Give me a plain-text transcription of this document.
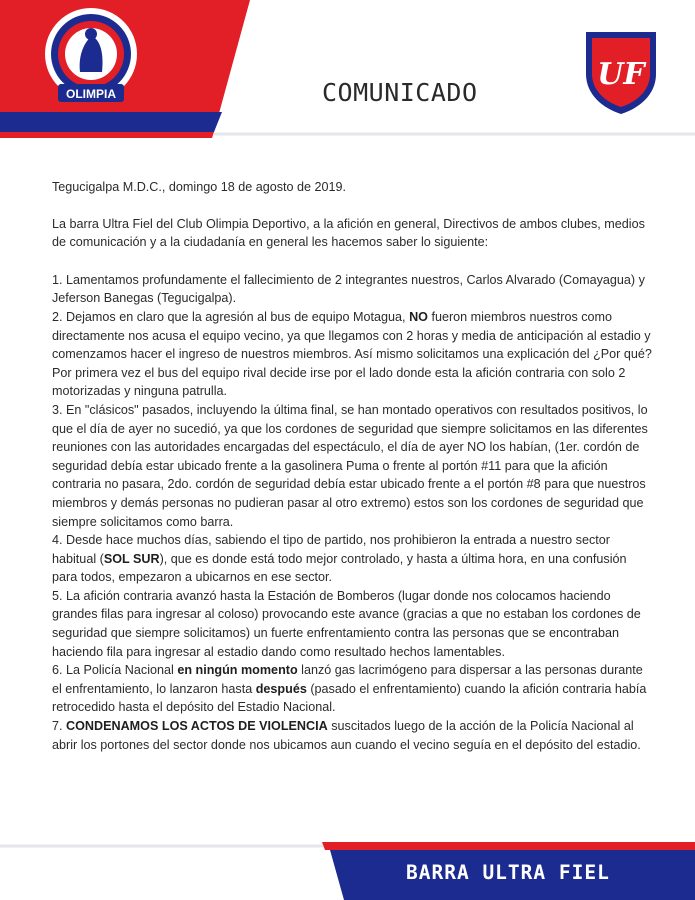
OLIMPIA	COMUNICADO
UF

Tegucigalpa M.D.C., domingo 18 de agosto de 2019.

La barra Ultra Fiel del Club Olimpia Deportivo, a la afición en general, Directivos de ambos clubes, medios de comunicación y a la ciudadanía en general les hacemos saber lo siguiente:

1. Lamentamos profundamente el fallecimiento de 2 integrantes nuestros, Carlos Alvarado (Comayagua) y Jeferson Banegas (Tegucigalpa).

2. Dejamos en claro que la agresión al bus de equipo Motagua, NO fueron miembros nuestros como directamente nos acusa el equipo vecino, ya que llegamos con 2 horas y media de anticipación al estadio y comenzamos hacer el ingreso de nuestros miembros. Así mismo solicitamos una explicación del ¿Por qué? Por primera vez el bus del equipo rival decide irse por el lado donde esta la afición contraria con solo 2 motorizadas y ninguna patrulla.

3. En "clásicos" pasados, incluyendo la última final, se han montado operativos con resultados positivos, lo que el día de ayer no sucedió, ya que los cordones de seguridad que siempre solicitamos en las diferentes reuniones con las autoridades encargadas del espectáculo, el día de ayer NO los habían, (1er. cordón de seguridad debía estar ubicado frente a la gasolinera Puma o frente al portón #11 para que la afición contraria no pasara, 2do. cordón de seguridad debía estar ubicado frente a el portón #8 para que nuestros miembros y demás personas no pudieran pasar al otro extremo) estos son los cordones de seguridad que siempre solicitamos como barra.

4. Desde hace muchos días, sabiendo el tipo de partido, nos prohibieron la entrada a nuestro sector habitual (SOL SUR), que es donde está todo mejor controlado, y hasta a última hora, en una confusión para todos, empezaron a ubicarnos en ese sector.

5. La afición contraria avanzó hasta la Estación de Bomberos (lugar donde nos colocamos haciendo grandes filas para ingresar al coloso) provocando este avance (gracias a que no estaban los cordones de seguridad que siempre solicitamos) un fuerte enfrentamiento contra las personas que se encontraban haciendo fila para ingresar al estadio dando como resultado hechos lamentables.

6. La Policía Nacional en ningún momento lanzó gas lacrimógeno para dispersar a las personas durante el enfrentamiento, lo lanzaron hasta después (pasado el enfrentamiento) cuando la afición contraria había retrocedido hasta el depósito del Estadio Nacional.

7. CONDENAMOS LOS ACTOS DE VIOLENCIA suscitados luego de la acción de la Policía Nacional al abrir los portones del sector donde nos ubicamos aun cuando el vecino seguía en el depósito del estadio.

BARRA ULTRA FIEL
